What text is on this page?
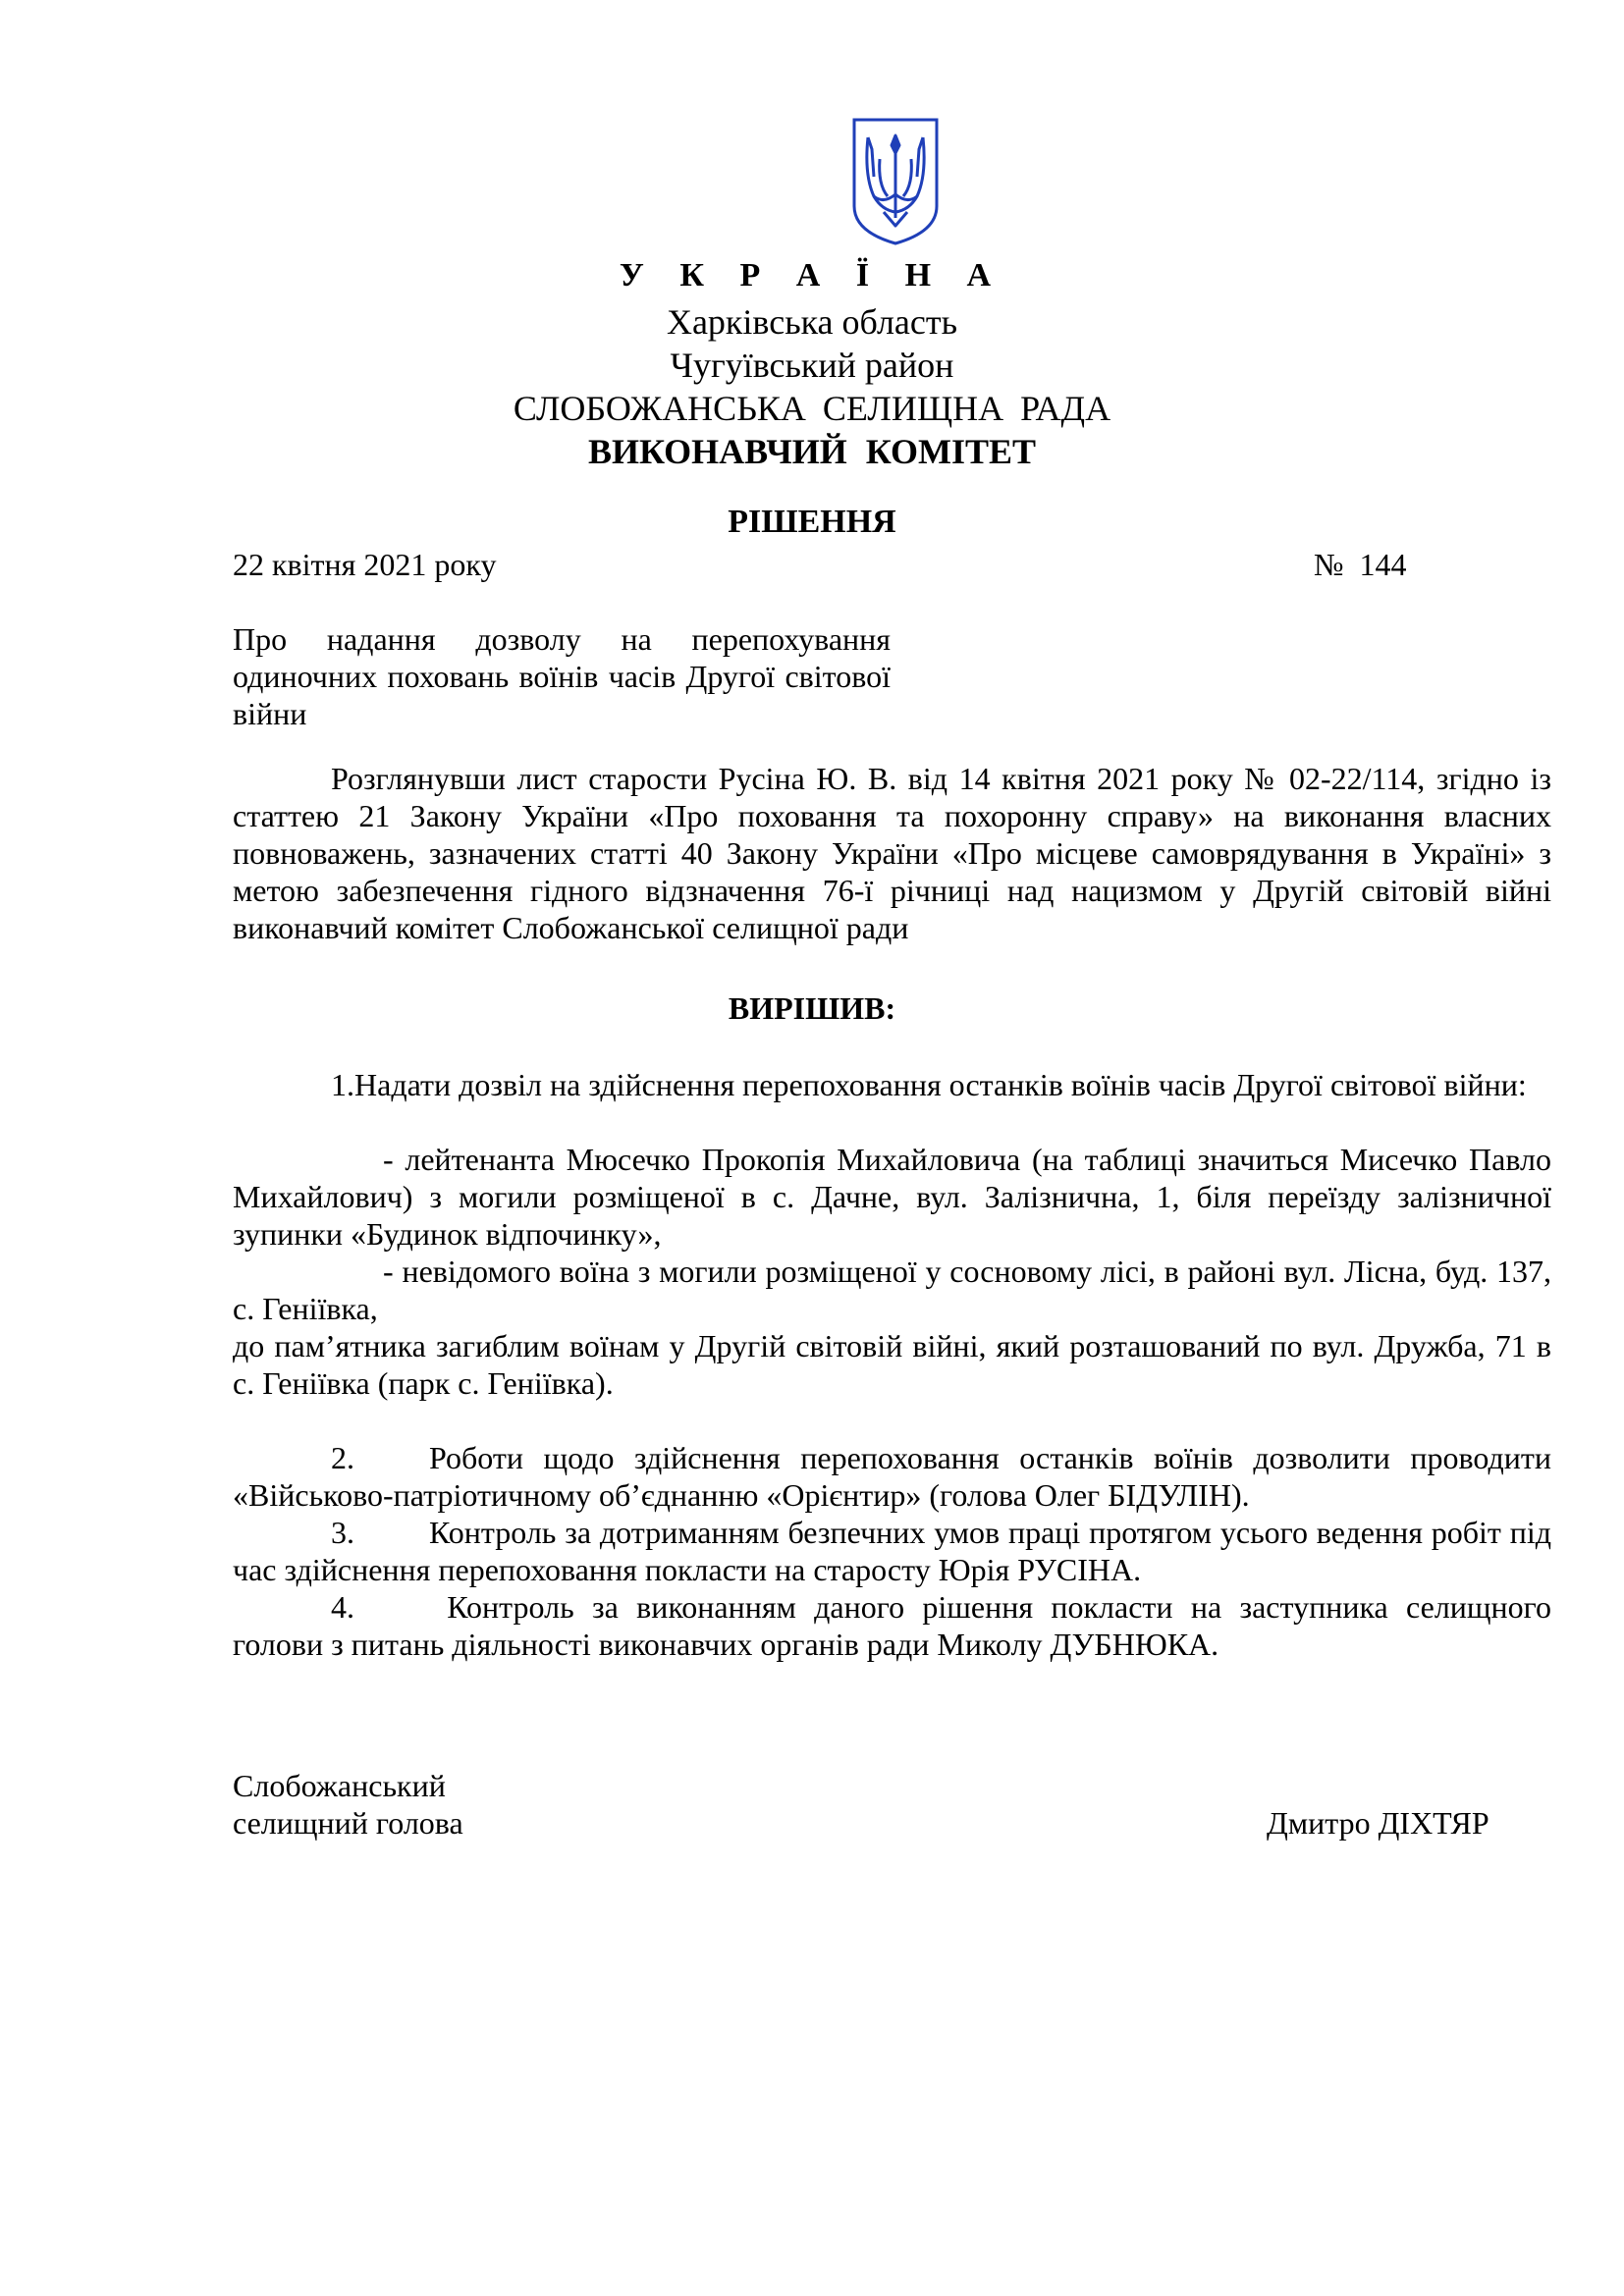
У К Р А Ї Н А
Харківська область
Чугуївський район
СЛОБОЖАНСЬКА СЕЛИЩНА РАДА
ВИКОНАВЧИЙ КОМІТЕТ
РІШЕННЯ
22 квітня 2021 року	№ 144
Про надання дозволу на перепохування одиночних поховань воїнів часів Другої світової війни
Розглянувши лист старости Русіна Ю. В. від 14 квітня 2021 року № 02-22/114, згідно із статтею 21 Закону України «Про поховання та похоронну справу» на виконання власних повноважень, зазначених статті 40 Закону України «Про місцеве самоврядування в Україні» з метою забезпечення гідного відзначення 76-ї річниці над нацизмом у Другій світовій війні виконавчий комітет Слобожанської селищної ради
ВИРІШИВ:
1.Надати дозвіл на здійснення перепоховання останків воїнів часів Другої світової війни:
- лейтенанта Мюсечко Прокопія Михайловича (на таблиці значиться Мисечко Павло Михайлович) з могили розміщеної в с. Дачне, вул. Залізнична, 1, біля переїзду залізничної зупинки «Будинок відпочинку»,
- невідомого воїна з могили розміщеної у сосновому лісі, в районі вул. Лісна, буд. 137, с. Геніївка,
до пам’ятника загиблим воїнам у Другій світовій війні, який розташований по вул. Дружба, 71 в с. Геніївка (парк с. Геніївка).
2. Роботи щодо здійснення перепоховання останків воїнів дозволити проводити «Військово-патріотичному об’єднанню «Орієнтир» (голова Олег БІДУЛІН).
3. Контроль за дотриманням безпечних умов праці протягом усього ведення робіт під час здійснення перепоховання покласти на старосту Юрія РУСІНА.
4. Контроль за виконанням даного рішення покласти на заступника селищного голови з питань діяльності виконавчих органів ради Миколу ДУБНЮКА.
Слобожанський
селищний голова	Дмитро ДІХТЯР
